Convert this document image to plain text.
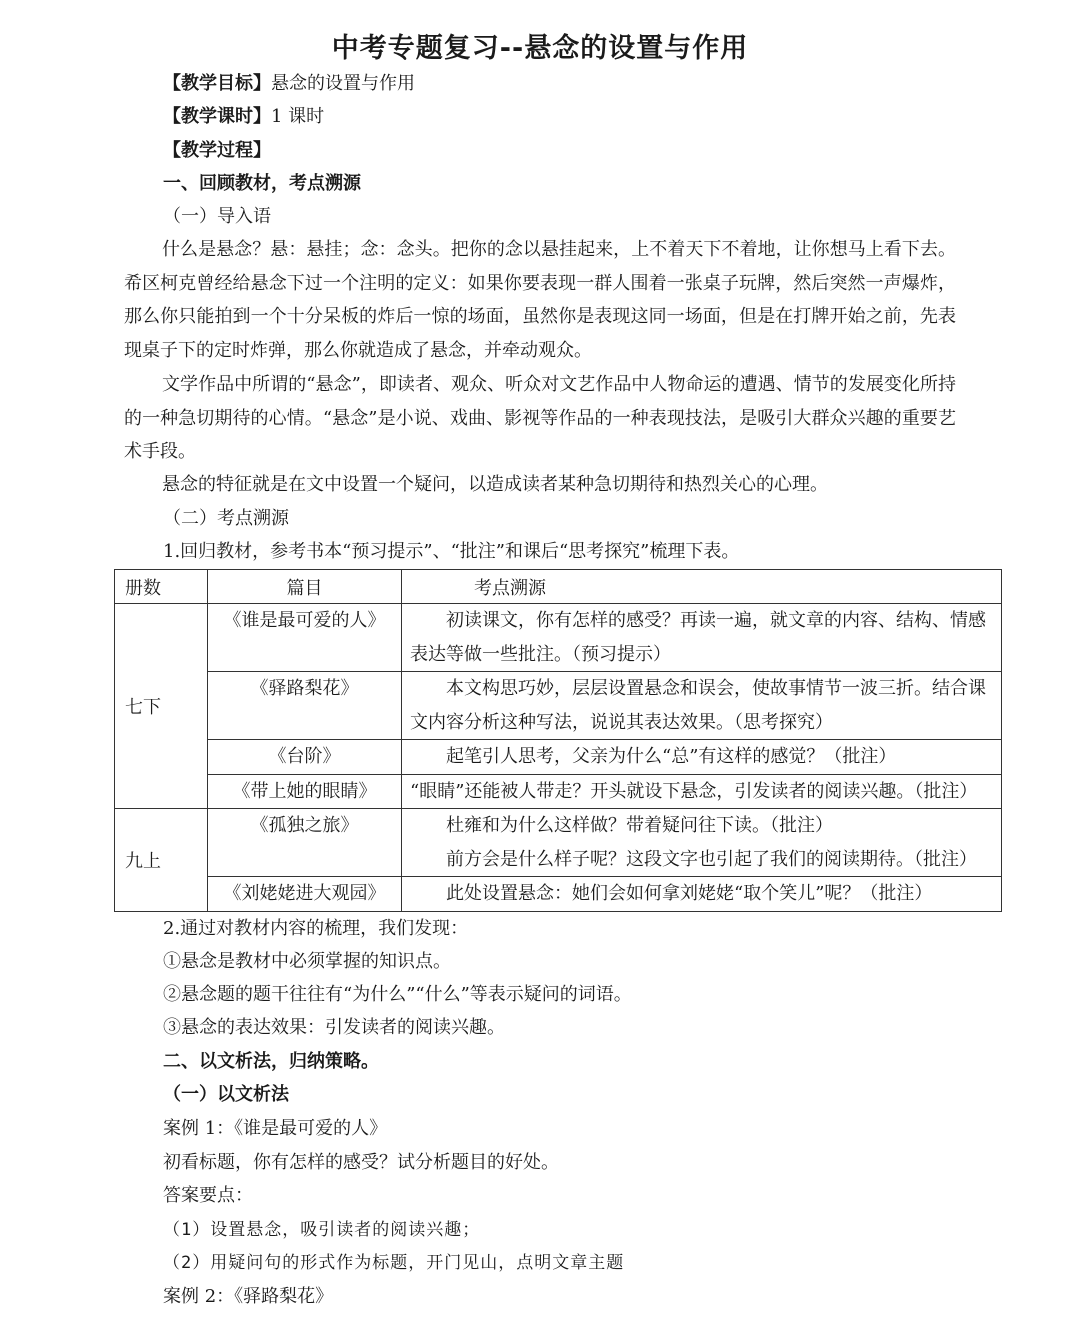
中考专题复习--悬念的设置与作用
【教学目标】悬念的设置与作用
【教学课时】1 课时
【教学过程】
一、回顾教材，考点溯源
（一）导入语
什么是悬念？悬：悬挂；念：念头。把你的念以悬挂起来，上不着天下不着地，让你想马上看下去。希区柯克曾经给悬念下过一个注明的定义：如果你要表现一群人围着一张桌子玩牌，然后突然一声爆炸，那么你只能拍到一个十分呆板的炸后一惊的场面，虽然你是表现这同一场面，但是在打牌开始之前，先表现桌子下的定时炸弹，那么你就造成了悬念，并牵动观众。
文学作品中所谓的“悬念”，即读者、观众、听众对文艺作品中人物命运的遭遇、情节的发展变化所持的一种急切期待的心情。“悬念”是小说、戏曲、影视等作品的一种表现技法，是吸引大群众兴趣的重要艺术手段。
悬念的特征就是在文中设置一个疑问，以造成读者某种急切期待和热烈关心的心理。
（二）考点溯源
1.回归教材，参考书本“预习提示”、“批注”和课后“思考探究”梳理下表。
册数	篇目	考点溯源
七下	《谁是最可爱的人》	初读课文，你有怎样的感受？再读一遍，就文章的内容、结构、情感表达等做一些批注。（预习提示）

	《驿路梨花》	本文构思巧妙，层层设置悬念和误会，使故事情节一波三折。结合课文内容分析这种写法，说说其表达效果。（思考探究）

	《台阶》	起笔引人思考，父亲为什么“总”有这样的感觉？（批注）

	《带上她的眼睛》	“眼睛”还能被人带走？开头就设下悬念，引发读者的阅读兴趣。（批注）

九上	《孤独之旅》	杜雍和为什么这样做？带着疑问往下读。（批注）
前方会是什么样子呢？这段文字也引起了我们的阅读期待。（批注）

	《刘姥姥进大观园》	此处设置悬念：她们会如何拿刘姥姥“取个笑儿”呢？（批注）
2.通过对教材内容的梳理，我们发现：
①悬念是教材中必须掌握的知识点。
②悬念题的题干往往有“为什么”“什么”等表示疑问的词语。
③悬念的表达效果：引发读者的阅读兴趣。
二、以文析法，归纳策略。
（一）以文析法
案例 1：《谁是最可爱的人》
初看标题，你有怎样的感受？试分析题目的好处。
答案要点：
（1）设置悬念，吸引读者的阅读兴趣；
（2）用疑问句的形式作为标题，开门见山，点明文章主题
案例 2：《驿路梨花》
